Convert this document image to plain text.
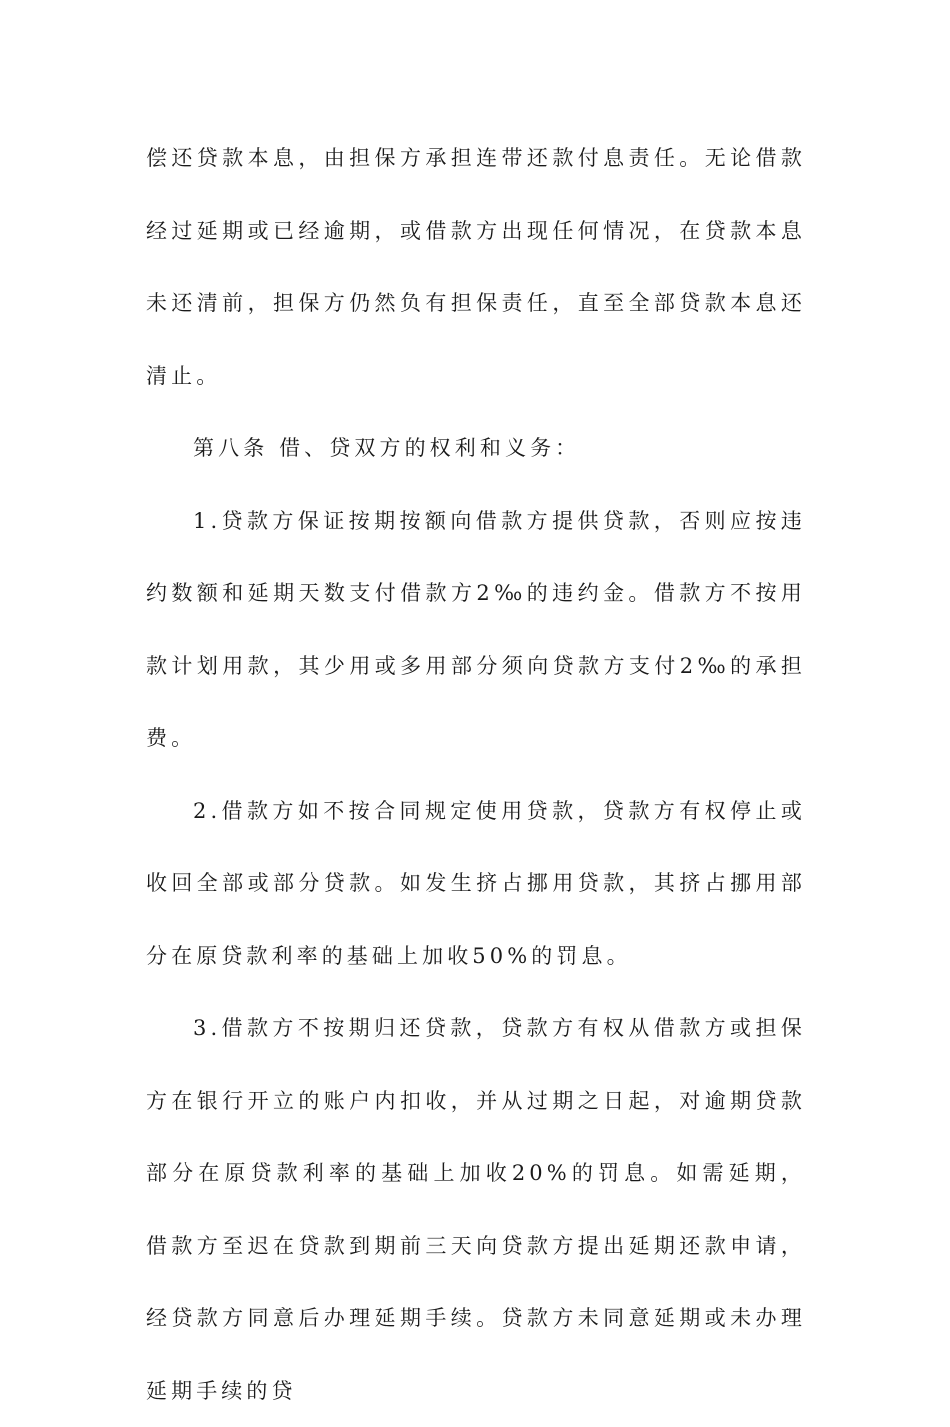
偿还贷款本息，由担保方承担连带还款付息责任。无论借款经过延期或已经逾期，或借款方出现任何情况，在贷款本息未还清前，担保方仍然负有担保责任，直至全部贷款本息还清止。

第八条 借、贷双方的权利和义务：

1.贷款方保证按期按额向借款方提供贷款，否则应按违约数额和延期天数支付借款方2‰的违约金。借款方不按用款计划用款，其少用或多用部分须向贷款方支付2‰的承担费。

2.借款方如不按合同规定使用贷款，贷款方有权停止或收回全部或部分贷款。如发生挤占挪用贷款，其挤占挪用部分在原贷款利率的基础上加收50%的罚息。

3.借款方不按期归还贷款，贷款方有权从借款方或担保方在银行开立的账户内扣收，并从过期之日起，对逾期贷款部分在原贷款利率的基础上加收20%的罚息。如需延期，借款方至迟在贷款到期前三天向贷款方提出延期还款申请，经贷款方同意后办理延期手续。贷款方未同意延期或未办理延期手续的贷
